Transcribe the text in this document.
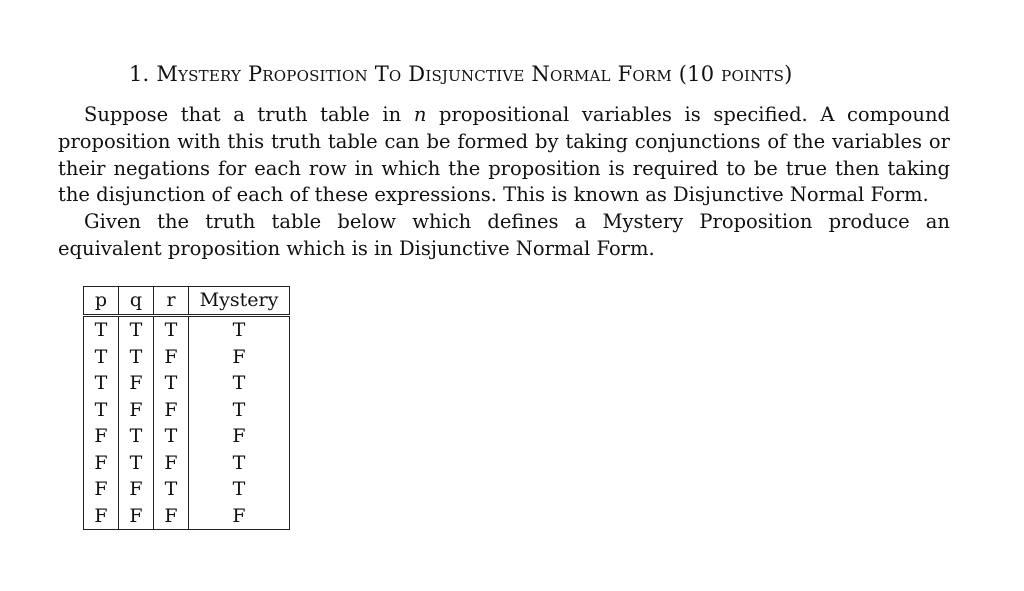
1. Mystery Proposition To Disjunctive Normal Form (10 points)

Suppose that a truth table in n propositional variables is specified. A compound proposition with this truth table can be formed by taking conjunctions of the variables or their negations for each row in which the proposition is required to be true then taking the disjunction of each of these expressions. This is known as Disjunctive Normal Form.

Given the truth table below which defines a Mystery Proposition produce an equivalent proposition which is in Disjunctive Normal Form.

p	q	r	Mystery
T	T	T	T
T	T	F	F
T	F	T	T
T	F	F	T
F	T	T	F
F	T	F	T
F	F	T	T
F	F	F	F
